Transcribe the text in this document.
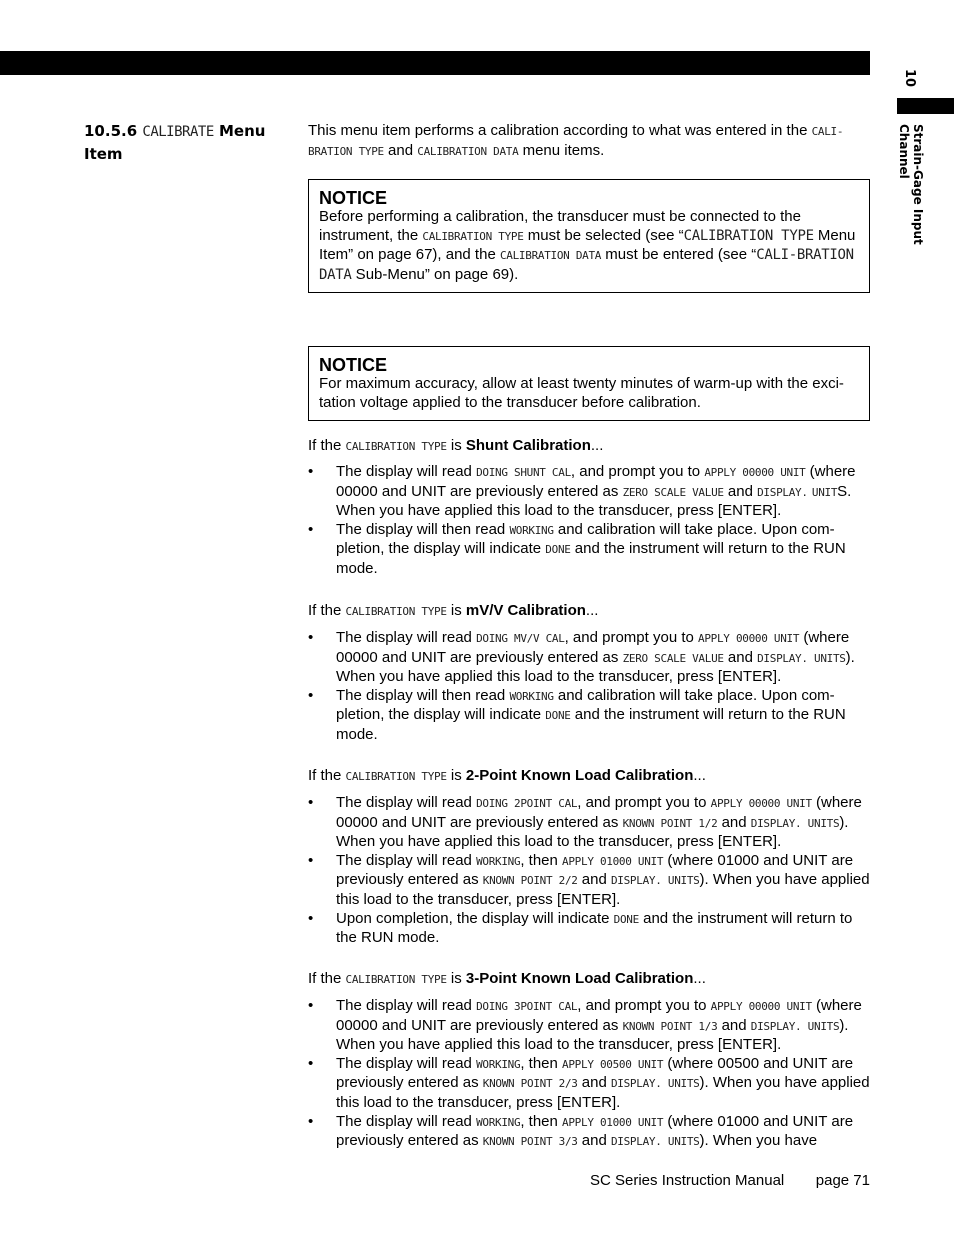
10
Strain-Gage Input Channel
10.5.6 CALIBRATE Menu Item
This menu item performs a calibration according to what was entered in the CALI-BRATION TYPE and CALIBRATION DATA menu items.
NOTICE
Before performing a calibration, the transducer must be connected to the instrument, the CALIBRATION TYPE must be selected (see “CALIBRATION TYPE Menu Item” on page 67), and the CALIBRATION DATA must be entered (see “CALI-BRATION DATA Sub-Menu” on page 69).
NOTICE
For maximum accuracy, allow at least twenty minutes of warm-up with the exci-tation voltage applied to the transducer before calibration.
If the CALIBRATION TYPE is Shunt Calibration...
• The display will read DOING SHUNT CAL, and prompt you to APPLY 00000 UNIT (where 00000 and UNIT are previously entered as ZERO SCALE VALUE and DISPLAY. UNITS. When you have applied this load to the transducer, press [ENTER].
• The display will then read WORKING and calibration will take place. Upon com-pletion, the display will indicate DONE and the instrument will return to the RUN mode.
If the CALIBRATION TYPE is mV/V Calibration...
• The display will read DOING MV/V CAL, and prompt you to APPLY 00000 UNIT (where 00000 and UNIT are previously entered as ZERO SCALE VALUE and DISPLAY. UNITS). When you have applied this load to the transducer, press [ENTER].
• The display will then read WORKING and calibration will take place. Upon com-pletion, the display will indicate DONE and the instrument will return to the RUN mode.
If the CALIBRATION TYPE is 2-Point Known Load Calibration...
• The display will read DOING 2POINT CAL, and prompt you to APPLY 00000 UNIT (where 00000 and UNIT are previously entered as KNOWN POINT 1/2 and DISPLAY. UNITS). When you have applied this load to the transducer, press [ENTER].
• The display will read WORKING, then APPLY 01000 UNIT (where 01000 and UNIT are previously entered as KNOWN POINT 2/2 and DISPLAY. UNITS). When you have applied this load to the transducer, press [ENTER].
• Upon completion, the display will indicate DONE and the instrument will return to the RUN mode.
If the CALIBRATION TYPE is 3-Point Known Load Calibration...
• The display will read DOING 3POINT CAL, and prompt you to APPLY 00000 UNIT (where 00000 and UNIT are previously entered as KNOWN POINT 1/3 and DISPLAY. UNITS). When you have applied this load to the transducer, press [ENTER].
• The display will read WORKING, then APPLY 00500 UNIT (where 00500 and UNIT are previously entered as KNOWN POINT 2/3 and DISPLAY. UNITS). When you have applied this load to the transducer, press [ENTER].
• The display will read WORKING, then APPLY 01000 UNIT (where 01000 and UNIT are previously entered as KNOWN POINT 3/3 and DISPLAY. UNITS). When you have
SC Series Instruction Manual page 71
